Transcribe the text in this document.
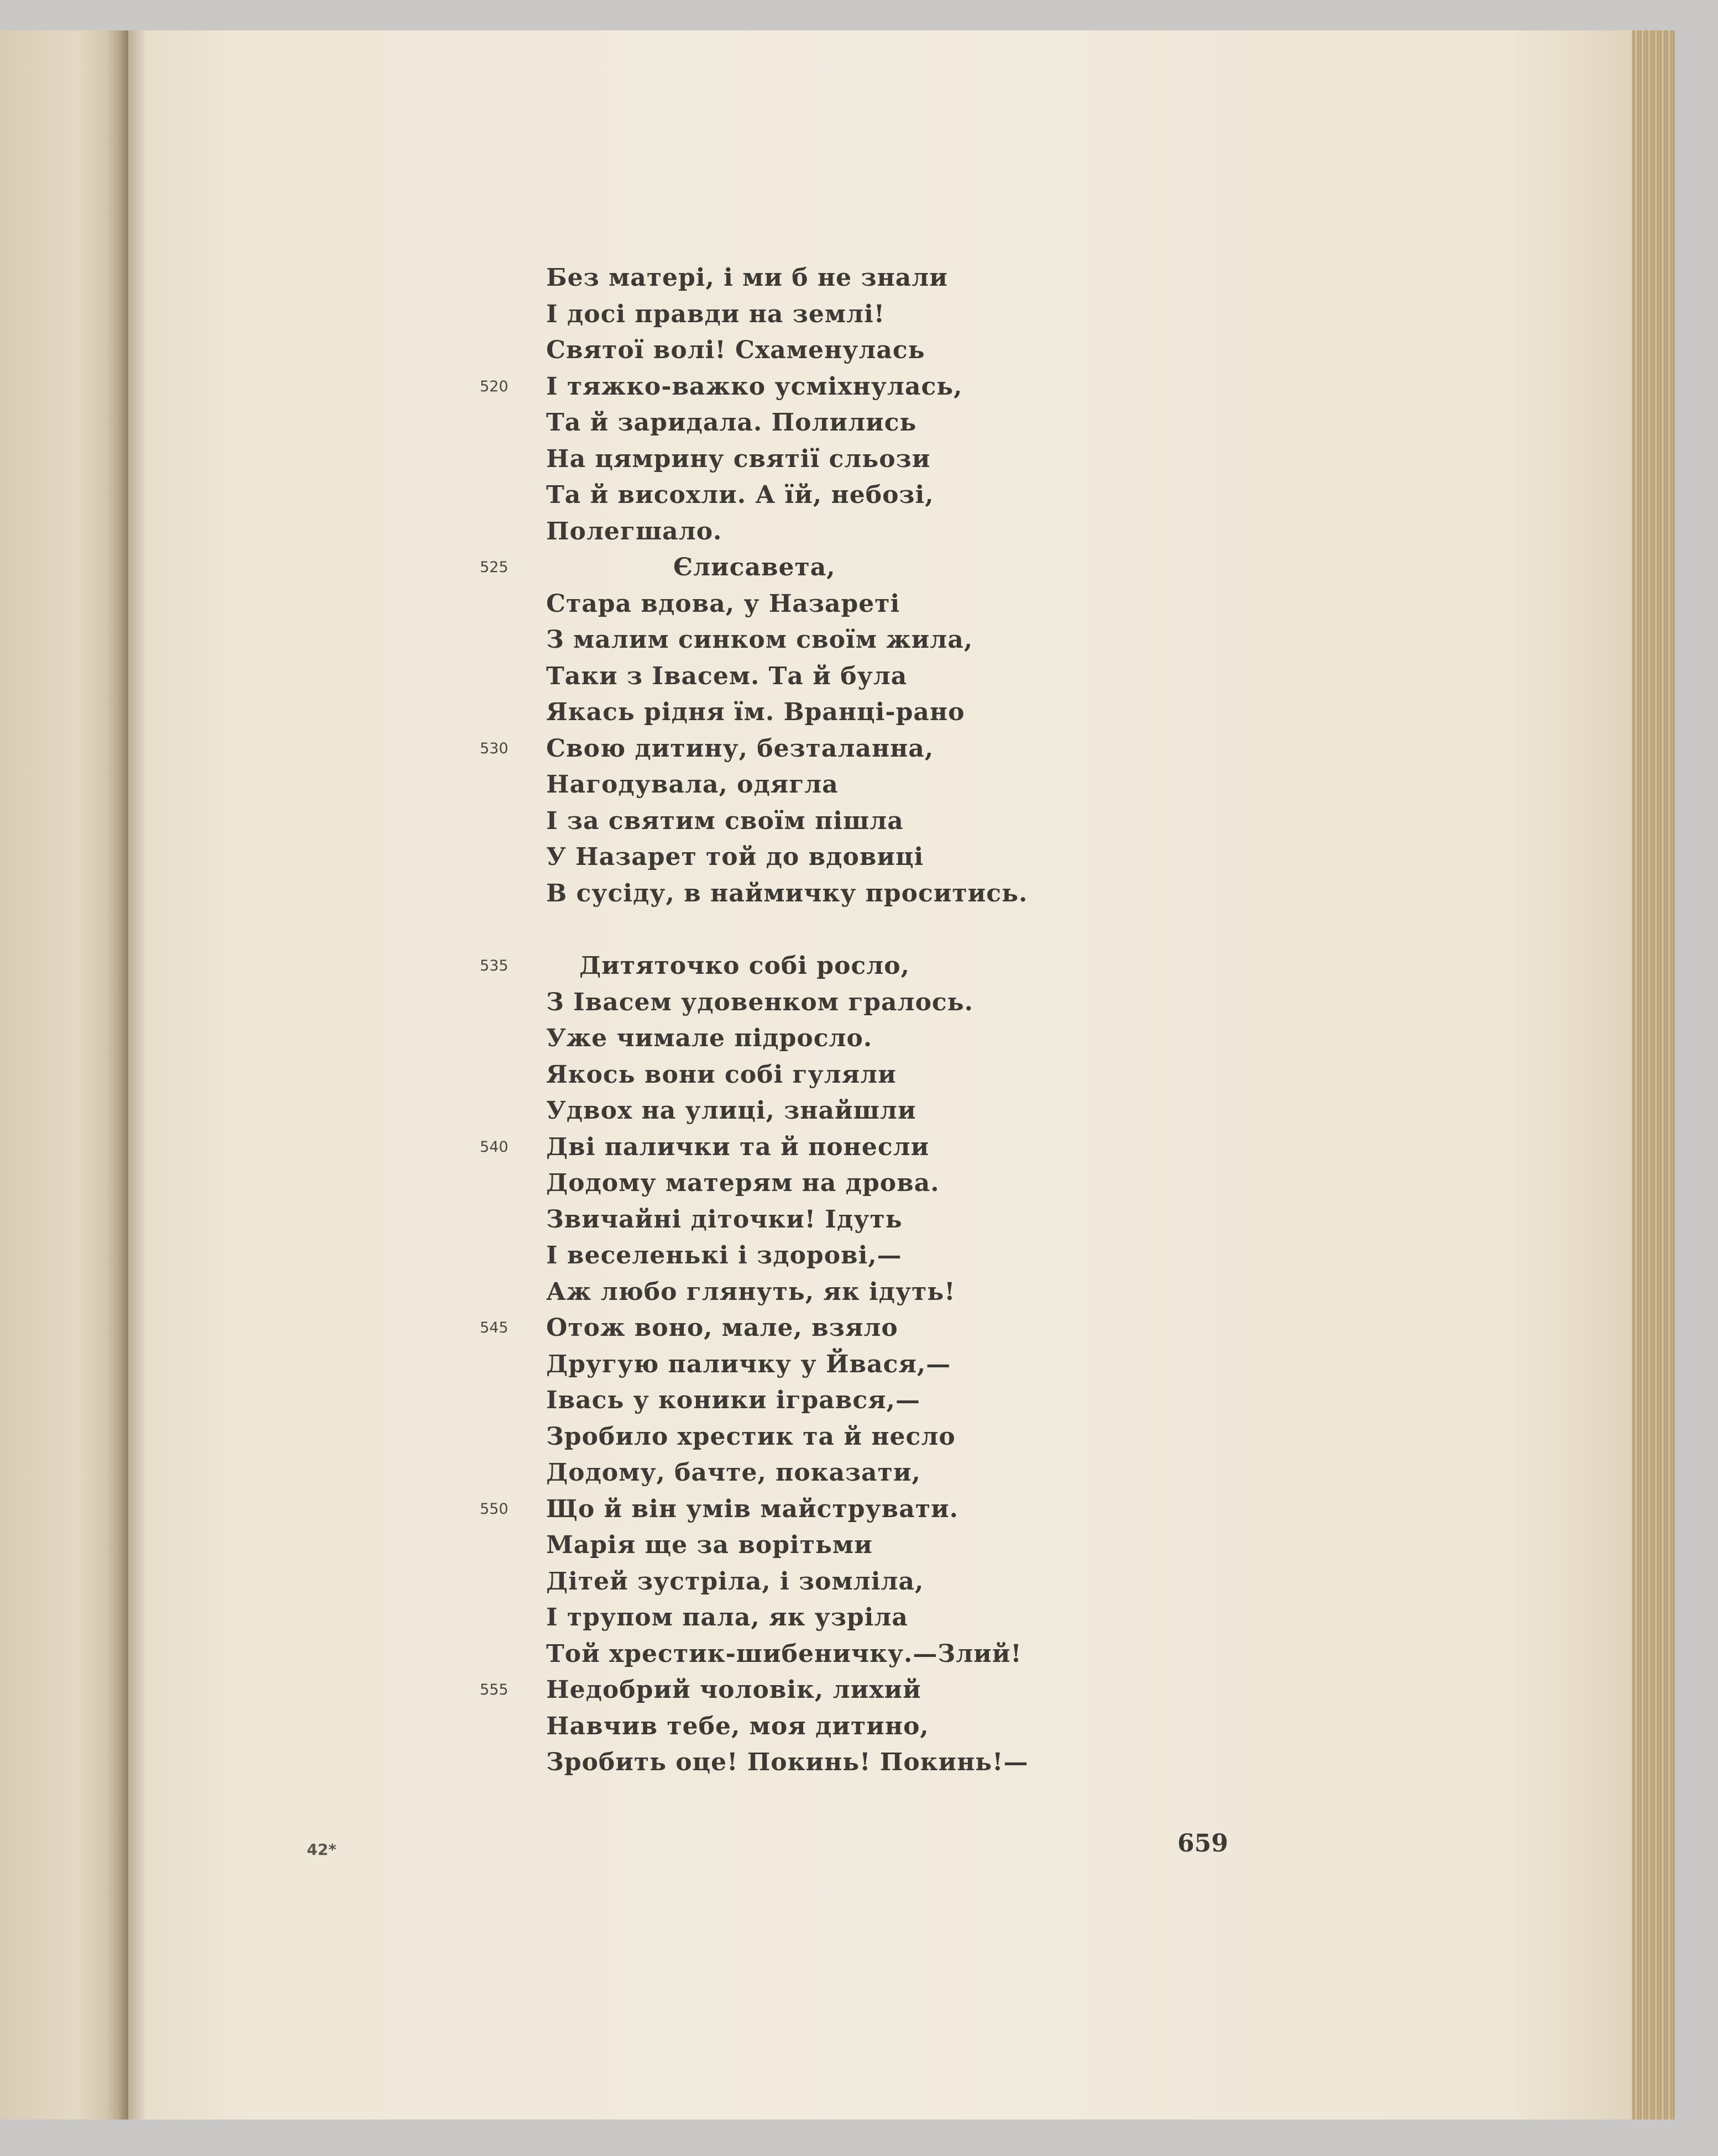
Без матері, і ми б не знали
І досі правди на землі!
Святої волі! Схаменулась
520	І тяжко-важко усміхнулась,
Та й заридала. Полились
На цямрину святії сльози
Та й висохли. А їй, небозі,
Полегшало.
525	Єлисавета,
Стара вдова, у Назареті
З малим синком своїм жила,
Таки з Івасем. Та й була
Якась рідня їм. Вранці-рано
530	Свою дитину, безталанна,
Нагодувала, одягла
І за святим своїм пішла
У Назарет той до вдовиці
В сусіду, в наймичку проситись.
535	Дитяточко собі росло,
З Івасем удовенком гралось.
Уже чимале підросло.
Якось вони собі гуляли
Удвох на улиці, знайшли
540	Дві палички та й понесли
Додому матерям на дрова.
Звичайні діточки! Ідуть
І веселенькі і здорові,—
Аж любо глянуть, як ідуть!
545	Отож воно, мале, взяло
Другую паличку у Йвася,—
Івась у коники ігрався,—
Зробило хрестик та й несло
Додому, бачте, показати,
550	Що й він умів майструвати.
Марія ще за ворітьми
Дітей зустріла, і зомліла,
І трупом пала, як узріла
Той хрестик-шибеничку.—Злий!
555	Недобрий чоловік, лихий
Навчив тебе, моя дитино,
Зробить оце! Покинь! Покинь!—
42*	659
